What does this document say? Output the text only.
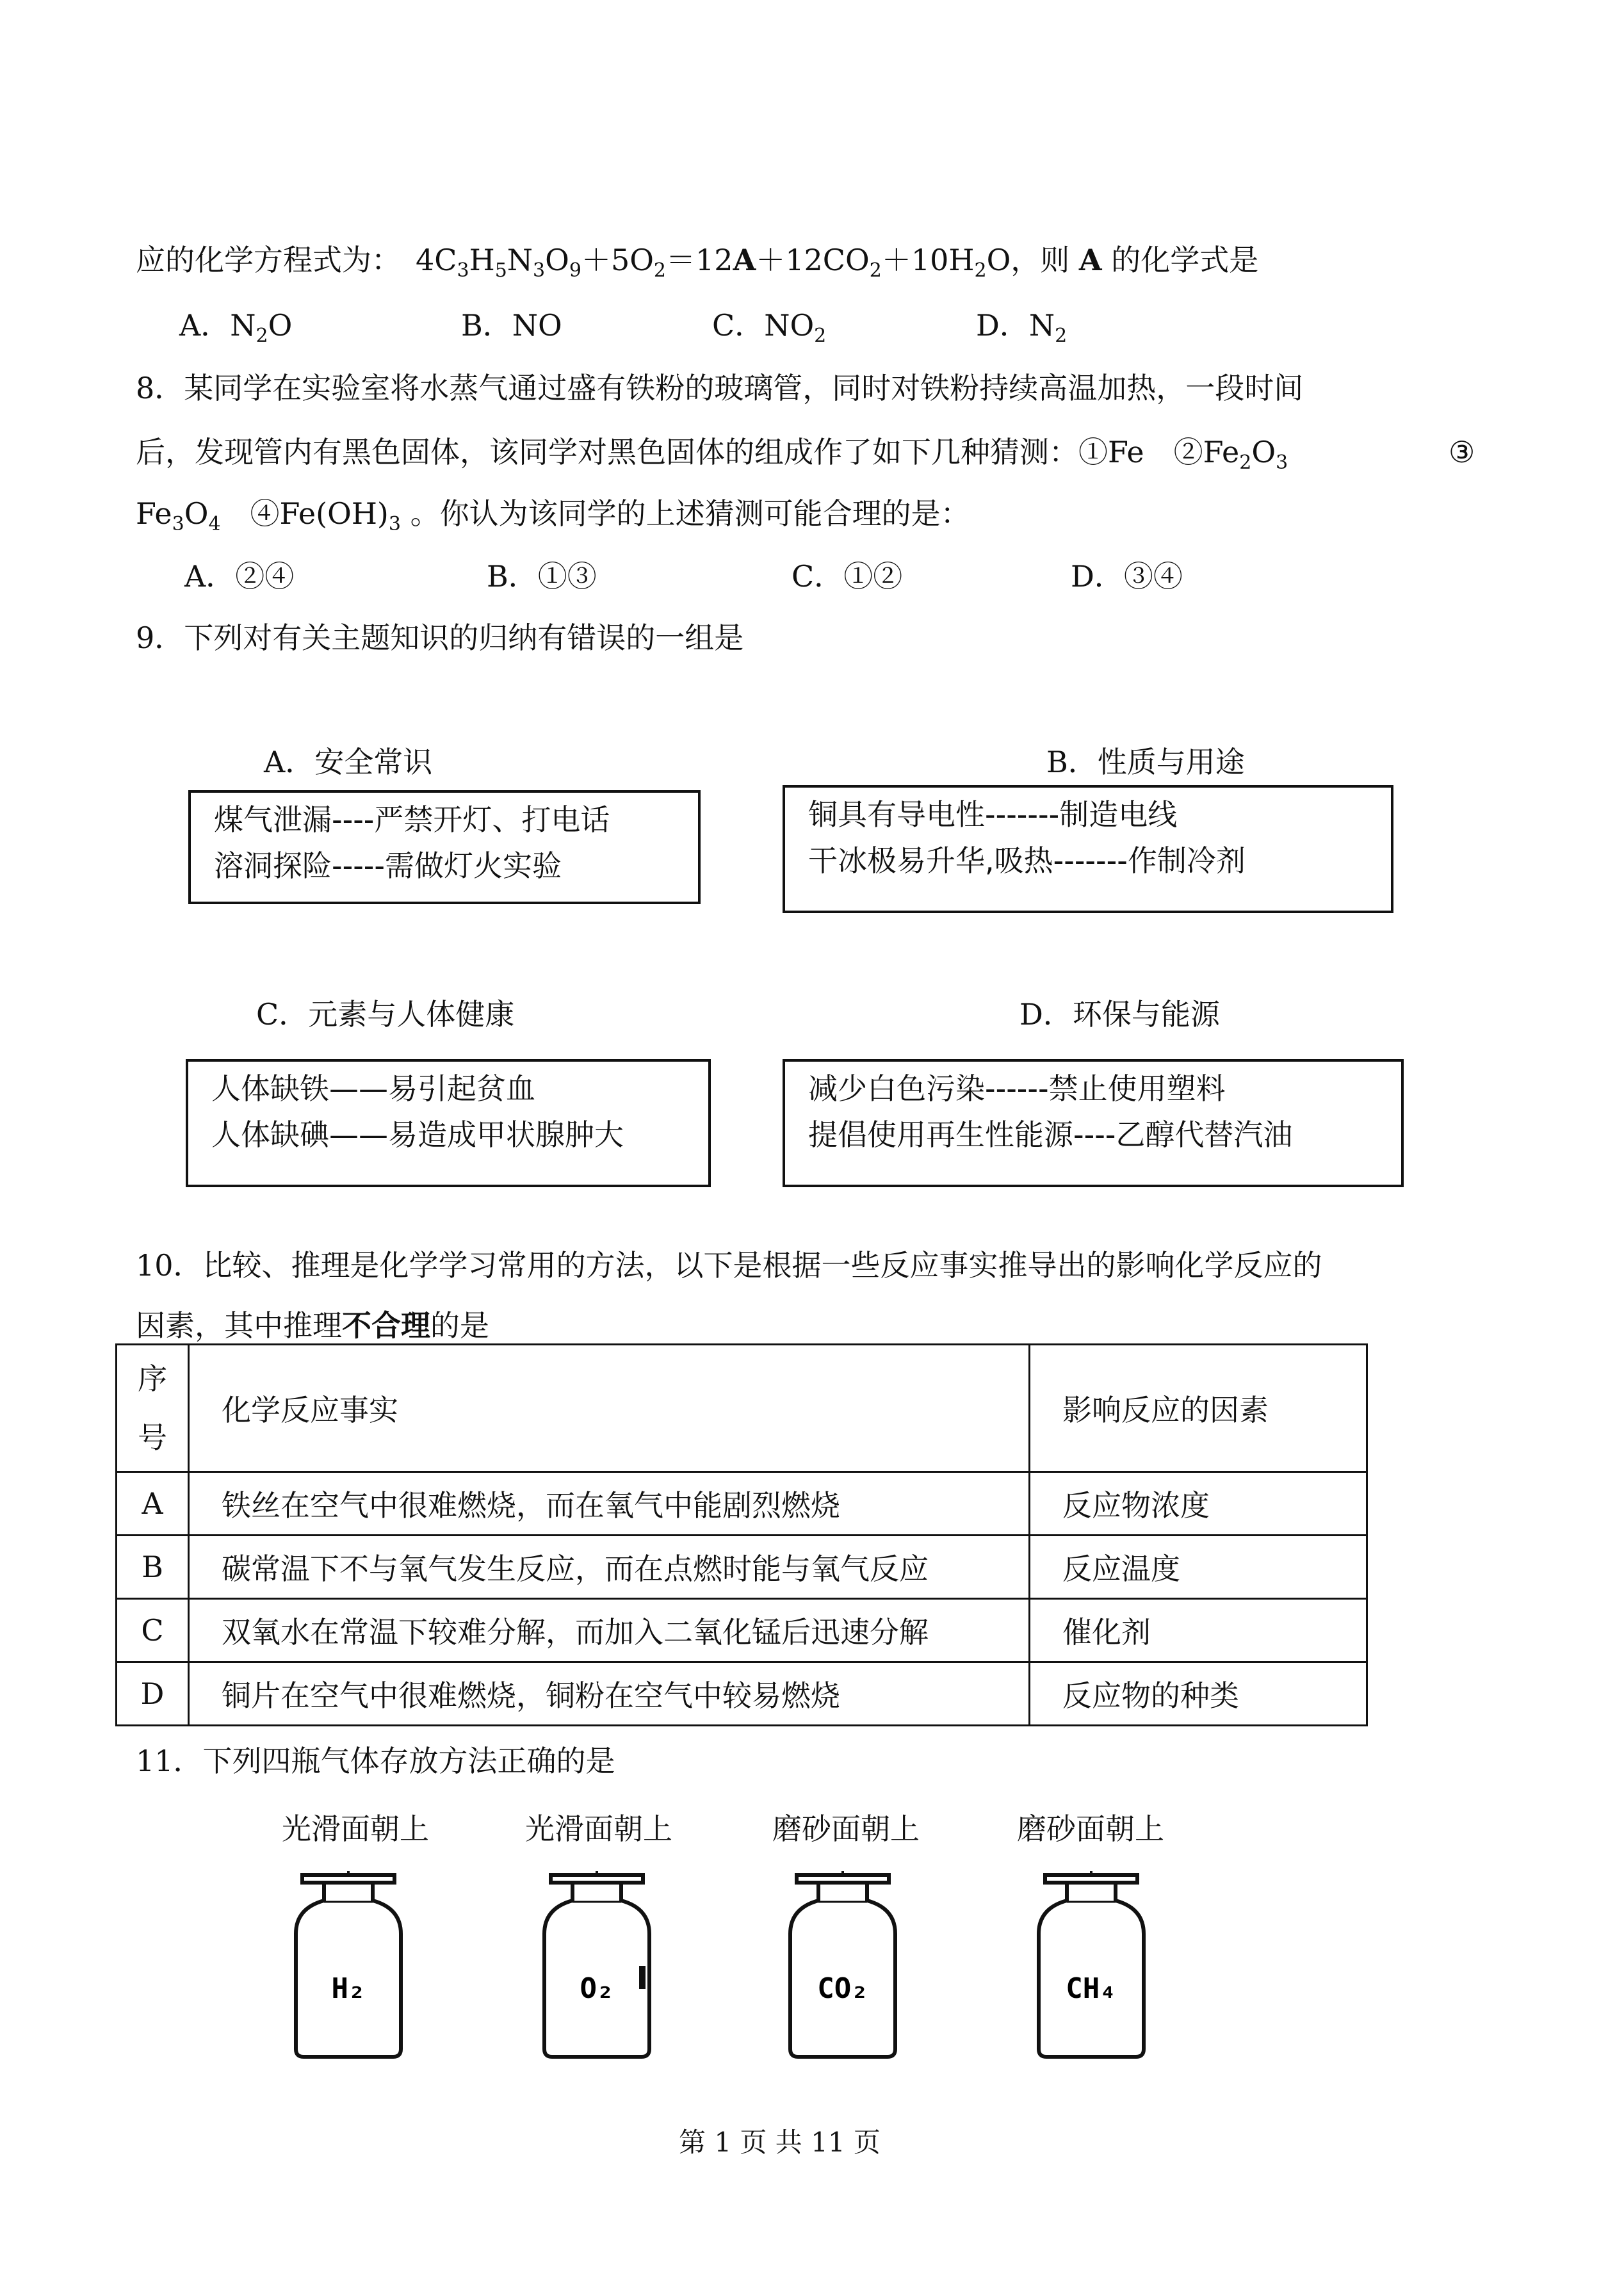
应的化学方程式为：　 $4C_3H_5N_3O_9+5O_2=12A+12CO_2+10H_2O$，则 A 的化学式是
A．$N_2O$	B．NO	C．$NO_2$	D．$N_2$
8．某同学在实验室将水蒸气通过盛有铁粉的玻璃管，同时对铁粉持续高温加热，一段时间
后，发现管内有黑色固体，该同学对黑色固体的组成作了如下几种猜测：①Fe　$②Fe_2O_3$	③
$Fe_3O_4$　$④Fe(OH)_3$ 。你认为该同学的上述猜测可能合理的是：
A．②④	B．①③	C．①②	D．③④
9．下列对有关主题知识的归纳有错误的一组是
A．安全常识
煤气泄漏----严禁开灯、打电话
溶洞探险-----需做灯火实验
B．性质与用途
铜具有导电性-------制造电线
干冰极易升华,吸热-------作制冷剂
C．元素与人体健康
人体缺铁——易引起贫血
人体缺碘——易造成甲状腺肿大
D．环保与能源
减少白色污染------禁止使用塑料
提倡使用再生性能源----乙醇代替汽油
10．比较、推理是化学学习常用的方法，以下是根据一些反应事实推导出的影响化学反应的
因素，其中推理不合理的是
序
号	化学反应事实	影响反应的因素
A	铁丝在空气中很难燃烧，而在氧气中能剧烈燃烧	反应物浓度
B	碳常温下不与氧气发生反应，而在点燃时能与氧气反应	反应温度
C	双氧水在常温下较难分解，而加入二氧化锰后迅速分解	催化剂
D	铜片在空气中很难燃烧，铜粉在空气中较易燃烧	反应物的种类
11．下列四瓶气体存放方法正确的是
光滑面朝上	光滑面朝上	磨砂面朝上	磨砂面朝上
H₂	O₂	CO₂	CH₄
第 1 页 共 11 页
